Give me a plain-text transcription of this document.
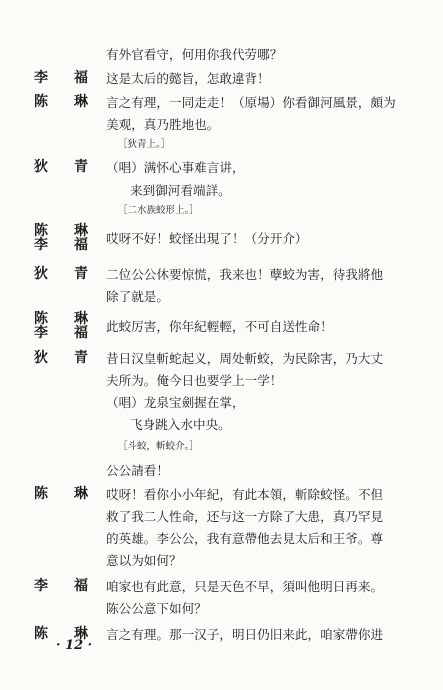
有外官看守，何用你我代劳哪？
李　福 这是太后的懿旨，怎敢違背！
陈　琳 言之有理，一同走走！（原場）你看御河風景，頗为
美观，真乃胜地也。
［狄青上。］
狄　青 （唱）满怀心事难言讲，
来到御河看端詳。
［二水族蛟形上。］
陈　琳
李　福 哎呀不好！蛟怪出現了！（分开介）
狄　青 二位公公休要惊慌，我来也！孽蛟为害，待我將他
除了就是。
陈　琳
李　福 此蛟厉害，你年紀輕輕，不可自送性命！
狄　青 昔日汉皇斬蛇起义，周处斬蛟，为民除害，乃大丈
夫所为。俺今日也要学上一学！
（唱）龙泉宝劍握在掌，
飞身跳入水中央。
［斗蛟，斬蛟介。］
公公請看！
陈　琳 哎呀！看你小小年紀，有此本領，斬除蛟怪。不但
救了我二人性命，还与这一方除了大患，真乃罕見
的英雄。李公公，我有意帶他去見太后和王爷。尊
意以为如何？
李　福 咱家也有此意，只是天色不早，須叫他明日再来。
陈公公意下如何？
陈　琳 言之有理。那一汉子，明日仍旧来此，咱家帶你进
· 12 ·
